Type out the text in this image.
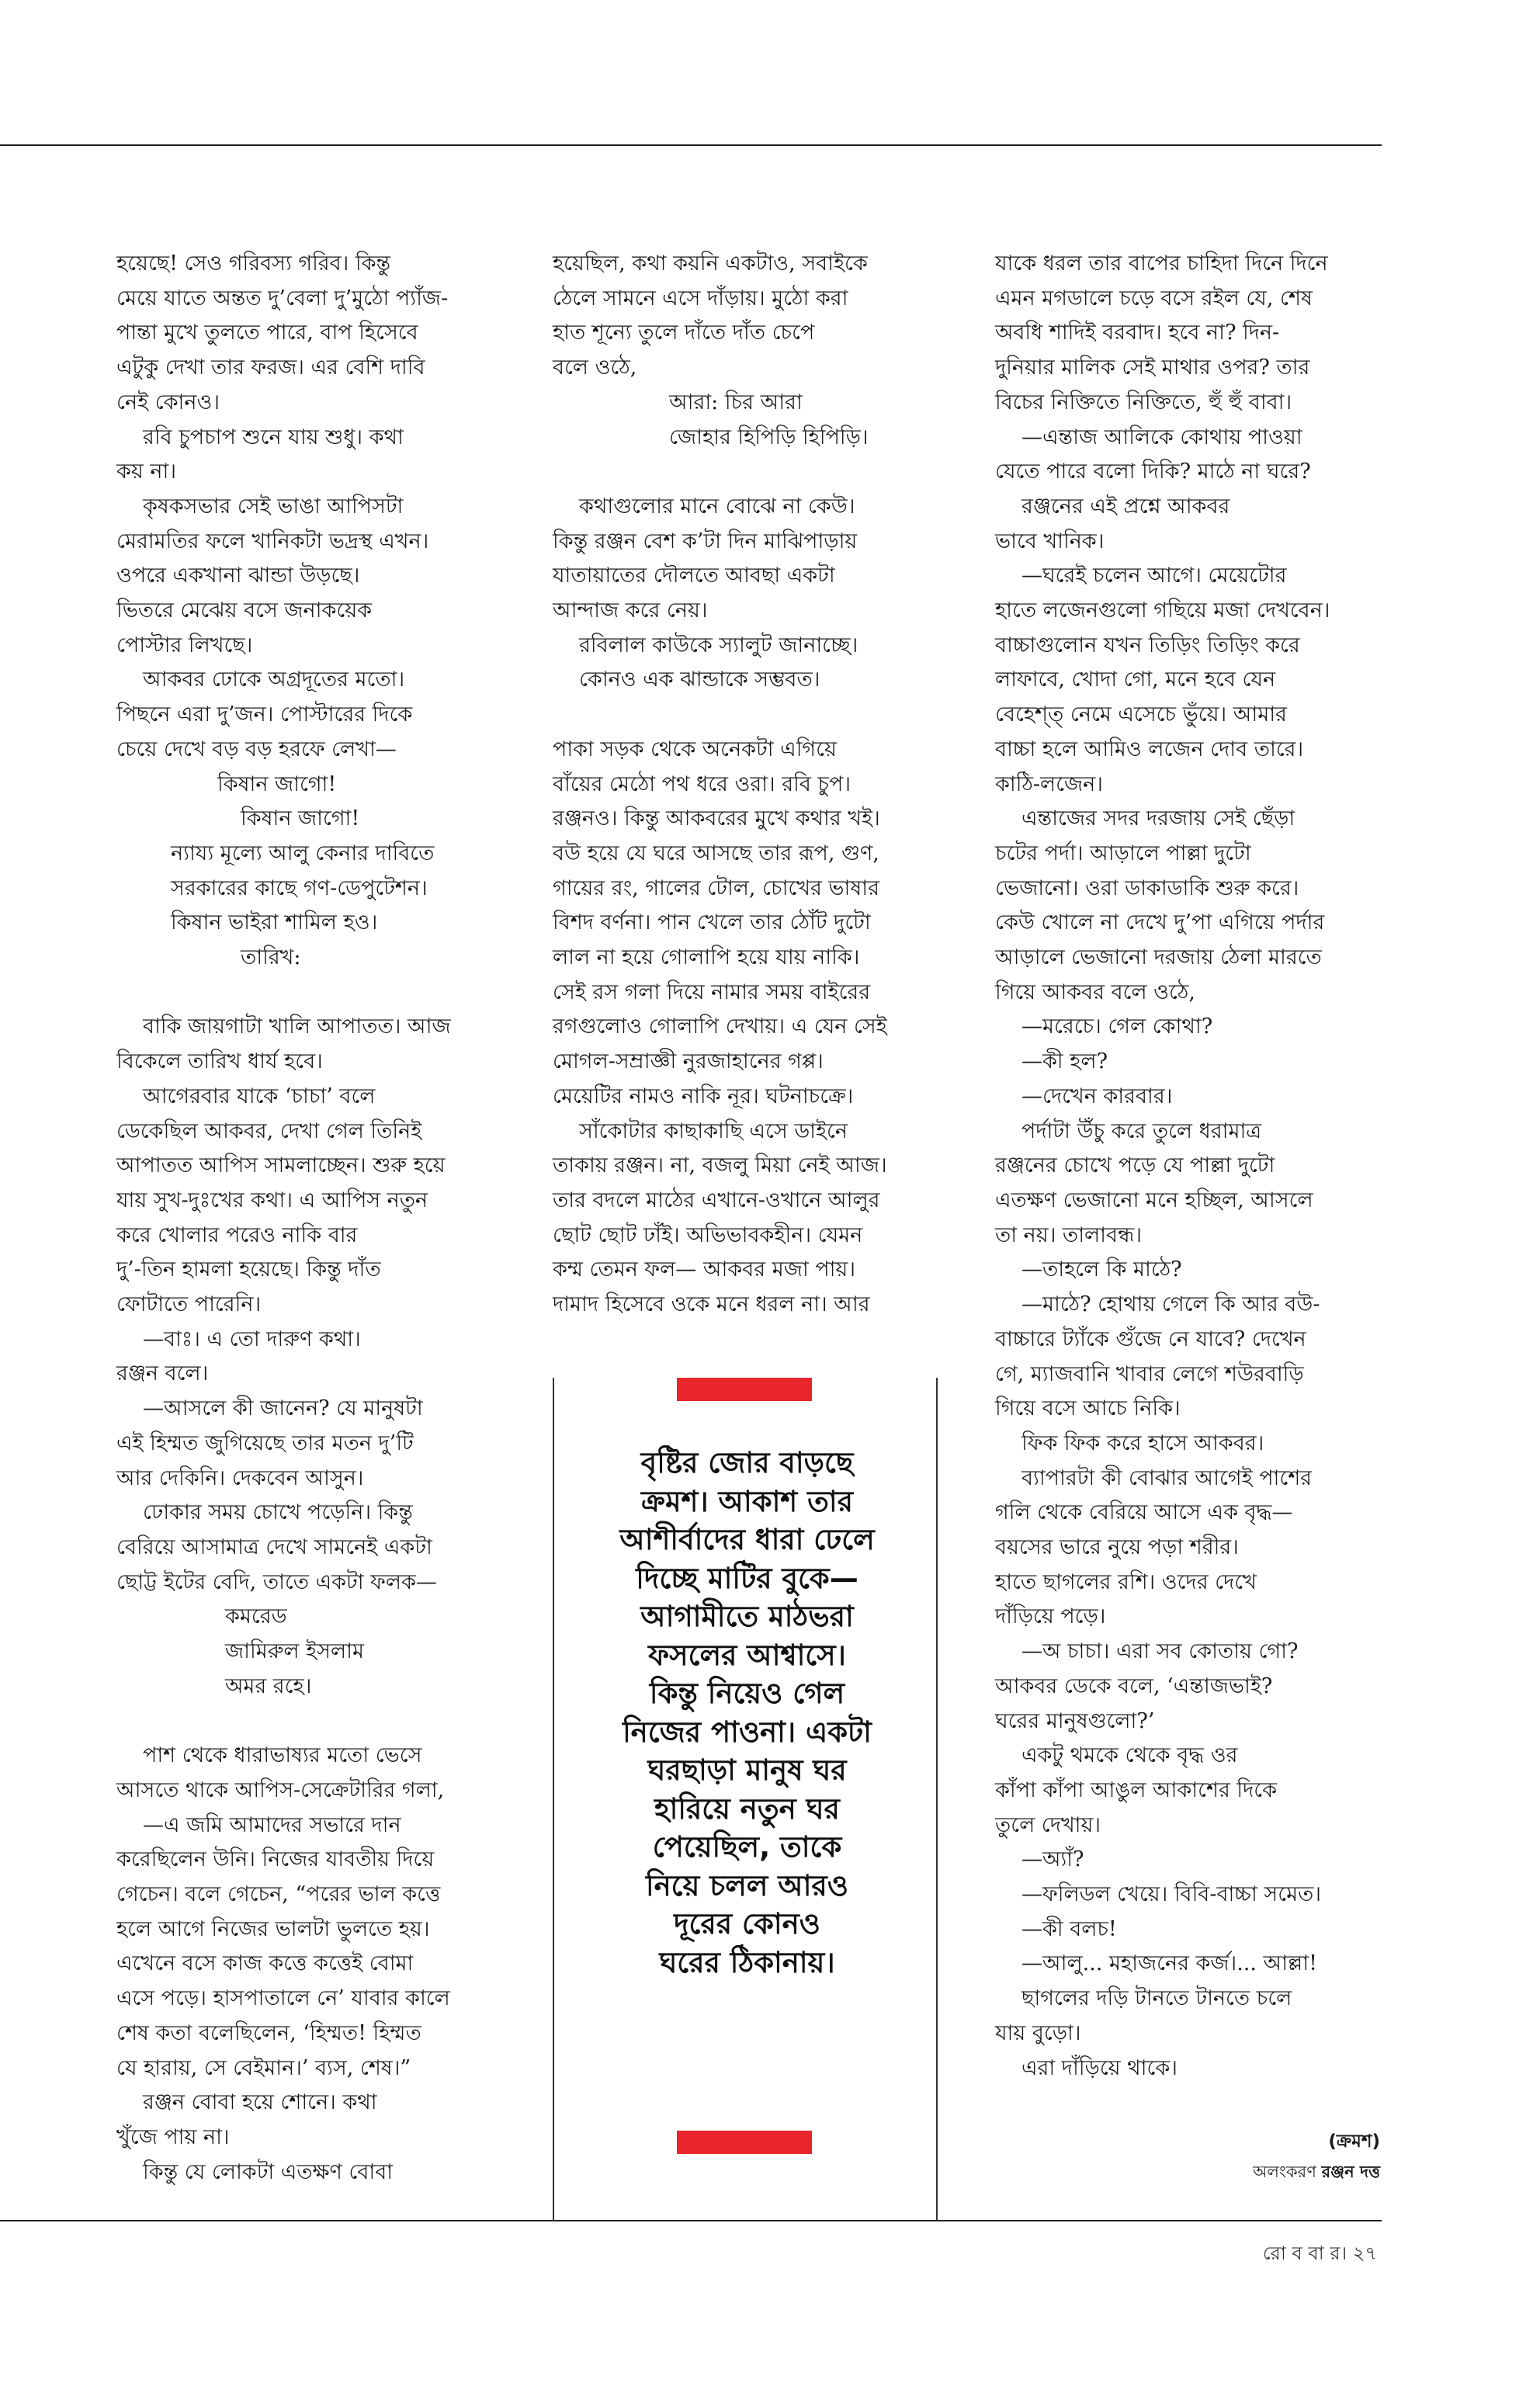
হয়েছে! সেও গরিবস্য গরিব। কিন্তু

মেয়ে যাতে অন্তত দু’বেলা দু’মুঠো প্যাঁজ-

পান্তা মুখে তুলতে পারে, বাপ হিসেবে

এটুকু দেখা তার ফরজ। এর বেশি দাবি

নেই কোনও।

রবি চুপচাপ শুনে যায় শুধু। কথা

কয় না।

কৃষকসভার সেই ভাঙা আপিসটা

মেরামতির ফলে খানিকটা ভদ্রস্থ এখন।

ওপরে একখানা ঝান্ডা উড়ছে।

ভিতরে মেঝেয় বসে জনাকয়েক

পোস্টার লিখছে।

আকবর ঢোকে অগ্রদূতের মতো।

পিছনে এরা দু’জন। পোস্টারের দিকে

চেয়ে দেখে বড় বড় হরফে লেখা—

কিষান জাগো!

কিষান জাগো!

ন্যায্য মূল্যে আলু কেনার দাবিতে

সরকারের কাছে গণ-ডেপুটেশন।

কিষান ভাইরা শামিল হও।

তারিখ:

বাকি জায়গাটা খালি আপাতত। আজ

বিকেলে তারিখ ধার্য হবে।

আগেরবার যাকে ‘চাচা’ বলে

ডেকেছিল আকবর, দেখা গেল তিনিই

আপাতত আপিস সামলাচ্ছেন। শুরু হয়ে

যায় সুখ-দুঃখের কথা। এ আপিস নতুন

করে খোলার পরেও নাকি বার

দু’-তিন হামলা হয়েছে। কিন্তু দাঁত

ফোটাতে পারেনি।

—বাঃ। এ তো দারুণ কথা।

রঞ্জন বলে।

—আসলে কী জানেন? যে মানুষটা

এই হিম্মত জুগিয়েছে তার মতন দু’টি

আর দেকিনি। দেকবেন আসুন।

ঢোকার সময় চোখে পড়েনি। কিন্তু

বেরিয়ে আসামাত্র দেখে সামনেই একটা

ছোট্ট ইটের বেদি, তাতে একটা ফলক—

কমরেড

জামিরুল ইসলাম

অমর রহে।

পাশ থেকে ধারাভাষ্যর মতো ভেসে

আসতে থাকে আপিস-সেক্রেটারির গলা,

—এ জমি আমাদের সভারে দান

করেছিলেন উনি। নিজের যাবতীয় দিয়ে

গেচেন। বলে গেচেন, “পরের ভাল কত্তে

হলে আগে নিজের ভালটা ভুলতে হয়।

এখেনে বসে কাজ কত্তে কত্তেই বোমা

এসে পড়ে। হাসপাতালে নে’ যাবার কালে

শেষ কতা বলেছিলেন, ‘হিম্মত! হিম্মত

যে হারায়, সে বেইমান।’ ব্যস, শেষ।”

রঞ্জন বোবা হয়ে শোনে। কথা

খুঁজে পায় না।

কিন্তু যে লোকটা এতক্ষণ বোবা

হয়েছিল, কথা কয়নি একটাও, সবাইকে

ঠেলে সামনে এসে দাঁড়ায়। মুঠো করা

হাত শূন্যে তুলে দাঁতে দাঁত চেপে

বলে ওঠে,

আরা: চির আরা

জোহার হিপিড়ি হিপিড়ি।

কথাগুলোর মানে বোঝে না কেউ।

কিন্তু রঞ্জন বেশ ক’টা দিন মাঝিপাড়ায়

যাতায়াতের দৌলতে আবছা একটা

আন্দাজ করে নেয়।

রবিলাল কাউকে স্যালুট জানাচ্ছে।

কোনও এক ঝান্ডাকে সম্ভবত।

পাকা সড়ক থেকে অনেকটা এগিয়ে

বাঁয়ের মেঠো পথ ধরে ওরা। রবি চুপ।

রঞ্জনও। কিন্তু আকবরের মুখে কথার খই।

বউ হয়ে যে ঘরে আসছে তার রূপ, গুণ,

গায়ের রং, গালের টোল, চোখের ভাষার

বিশদ বর্ণনা। পান খেলে তার ঠোঁট দুটো

লাল না হয়ে গোলাপি হয়ে যায় নাকি।

সেই রস গলা দিয়ে নামার সময় বাইরের

রগগুলোও গোলাপি দেখায়। এ যেন সেই

মোগল-সম্রাজ্ঞী নুরজাহানের গপ্প।

মেয়েটির নামও নাকি নূর। ঘটনাচক্রে।

সাঁকোটার কাছাকাছি এসে ডাইনে

তাকায় রঞ্জন। না, বজলু মিয়া নেই আজ।

তার বদলে মাঠের এখানে-ওখানে আলুর

ছোট ছোট ঢাঁই। অভিভাবকহীন। যেমন

কম্ম তেমন ফল— আকবর মজা পায়।

দামাদ হিসেবে ওকে মনে ধরল না। আর

যাকে ধরল তার বাপের চাহিদা দিনে দিনে

এমন মগডালে চড়ে বসে রইল যে, শেষ

অবধি শাদিই বরবাদ। হবে না? দিন-

দুনিয়ার মালিক সেই মাথার ওপর? তার

বিচের নিক্তিতে নিক্তিতে, হুঁ হুঁ বাবা।

—এন্তাজ আলিকে কোথায় পাওয়া

যেতে পারে বলো দিকি? মাঠে না ঘরে?

রঞ্জনের এই প্রশ্নে আকবর

ভাবে খানিক।

—ঘরেই চলেন আগে। মেয়েটোর

হাতে লজেনগুলো গছিয়ে মজা দেখবেন।

বাচ্চাগুলোন যখন তিড়িং তিড়িং করে

লাফাবে, খোদা গো, মনে হবে যেন

বেহেশ্‌ত্‌ নেমে এসেচে ভুঁয়ে। আমার

বাচ্চা হলে আমিও লজেন দোব তারে।

কাঠি-লজেন।

এন্তাজের সদর দরজায় সেই ছেঁড়া

চটের পর্দা। আড়ালে পাল্লা দুটো

ভেজানো। ওরা ডাকাডাকি শুরু করে।

কেউ খোলে না দেখে দু’পা এগিয়ে পর্দার

আড়ালে ভেজানো দরজায় ঠেলা মারতে

গিয়ে আকবর বলে ওঠে,

—মরেচে। গেল কোথা?

—কী হল?

—দেখেন কারবার।

পর্দাটা উঁচু করে তুলে ধরামাত্র

রঞ্জনের চোখে পড়ে যে পাল্লা দুটো

এতক্ষণ ভেজানো মনে হচ্ছিল, আসলে

তা নয়। তালাবন্ধ।

—তাহলে কি মাঠে?

—মাঠে? হোথায় গেলে কি আর বউ-

বাচ্চারে ট্যাঁকে গুঁজে নে যাবে? দেখেন

গে, ম্যাজবানি খাবার লেগে শউরবাড়ি

গিয়ে বসে আচে নিকি।

ফিক ফিক করে হাসে আকবর।

ব্যাপারটা কী বোঝার আগেই পাশের

গলি থেকে বেরিয়ে আসে এক বৃদ্ধ—

বয়সের ভারে নুয়ে পড়া শরীর।

হাতে ছাগলের রশি। ওদের দেখে

দাঁড়িয়ে পড়ে।

—অ চাচা। এরা সব কোতায় গো?

আকবর ডেকে বলে, ‘এন্তাজভাই?

ঘরের মানুষগুলো?’

একটু থমকে থেকে বৃদ্ধ ওর

কাঁপা কাঁপা আঙুল আকাশের দিকে

তুলে দেখায়।

—অ্যাঁ?

—ফলিডল খেয়ে। বিবি-বাচ্চা সমেত।

—কী বলচ!

—আলু... মহাজনের কর্জ।... আল্লা!

ছাগলের দড়ি টানতে টানতে চলে

যায় বুড়ো।

এরা দাঁড়িয়ে থাকে।

বৃষ্টির জোর বাড়ছে

ক্রমশ। আকাশ তার

আশীর্বাদের ধারা ঢেলে

দিচ্ছে মাটির বুকে—

আগামীতে মাঠভরা

ফসলের আশ্বাসে।

কিন্তু নিয়েও গেল

নিজের পাওনা। একটা

ঘরছাড়া মানুষ ঘর

হারিয়ে নতুন ঘর

পেয়েছিল, তাকে

নিয়ে চলল আরও

দূরের কোনও

ঘরের ঠিকানায়।

(ক্রমশ)
অলংকরণ রঞ্জন দত্ত
রো ব বা র। ২৭
